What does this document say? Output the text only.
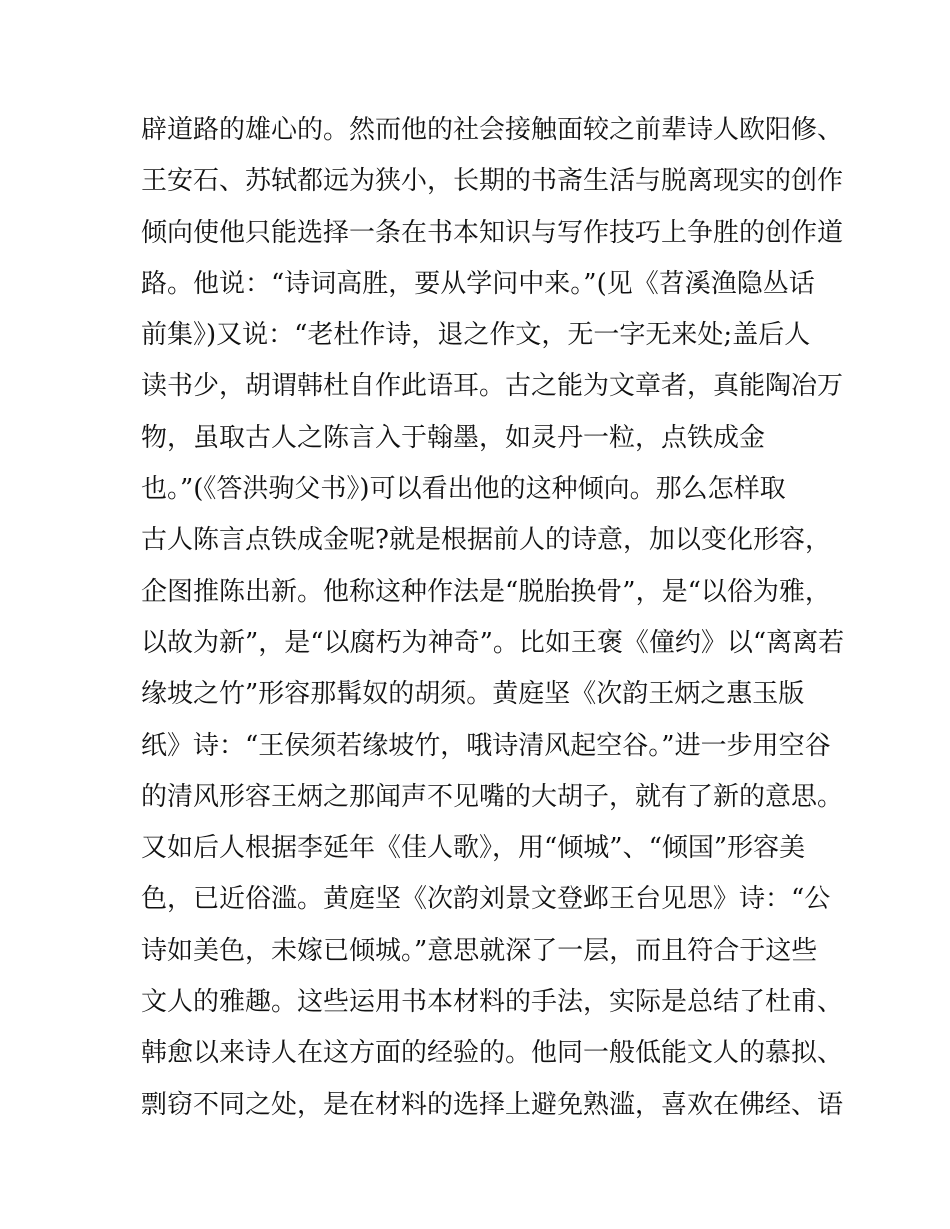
辟道路的雄心的。然而他的社会接触面较之前辈诗人欧阳修、
王安石、苏轼都远为狭小，长期的书斋生活与脱离现实的创作
倾向使他只能选择一条在书本知识与写作技巧上争胜的创作道
路。他说：“诗词高胜，要从学问中来。”(见《苕溪渔隐丛话
前集》)又说：“老杜作诗，退之作文，无一字无来处;盖后人
读书少，胡谓韩杜自作此语耳。古之能为文章者，真能陶冶万
物，虽取古人之陈言入于翰墨，如灵丹一粒，点铁成金
也。”(《答洪驹父书》)可以看出他的这种倾向。那么怎样取
古人陈言点铁成金呢?就是根据前人的诗意，加以变化形容，
企图推陈出新。他称这种作法是“脱胎换骨”，是“以俗为雅，
以故为新”，是“以腐朽为神奇”。比如王褒《僮约》以“离离若
缘坡之竹”形容那髯奴的胡须。黄庭坚《次韵王炳之惠玉版
纸》诗：“王侯须若缘坡竹，哦诗清风起空谷。”进一步用空谷
的清风形容王炳之那闻声不见嘴的大胡子，就有了新的意思。
又如后人根据李延年《佳人歌》，用“倾城”、“倾国”形容美
色，已近俗滥。黄庭坚《次韵刘景文登邺王台见思》诗：“公
诗如美色，未嫁已倾城。”意思就深了一层，而且符合于这些
文人的雅趣。这些运用书本材料的手法，实际是总结了杜甫、
韩愈以来诗人在这方面的经验的。他同一般低能文人的慕拟、
剽窃不同之处，是在材料的选择上避免熟滥，喜欢在佛经、语
